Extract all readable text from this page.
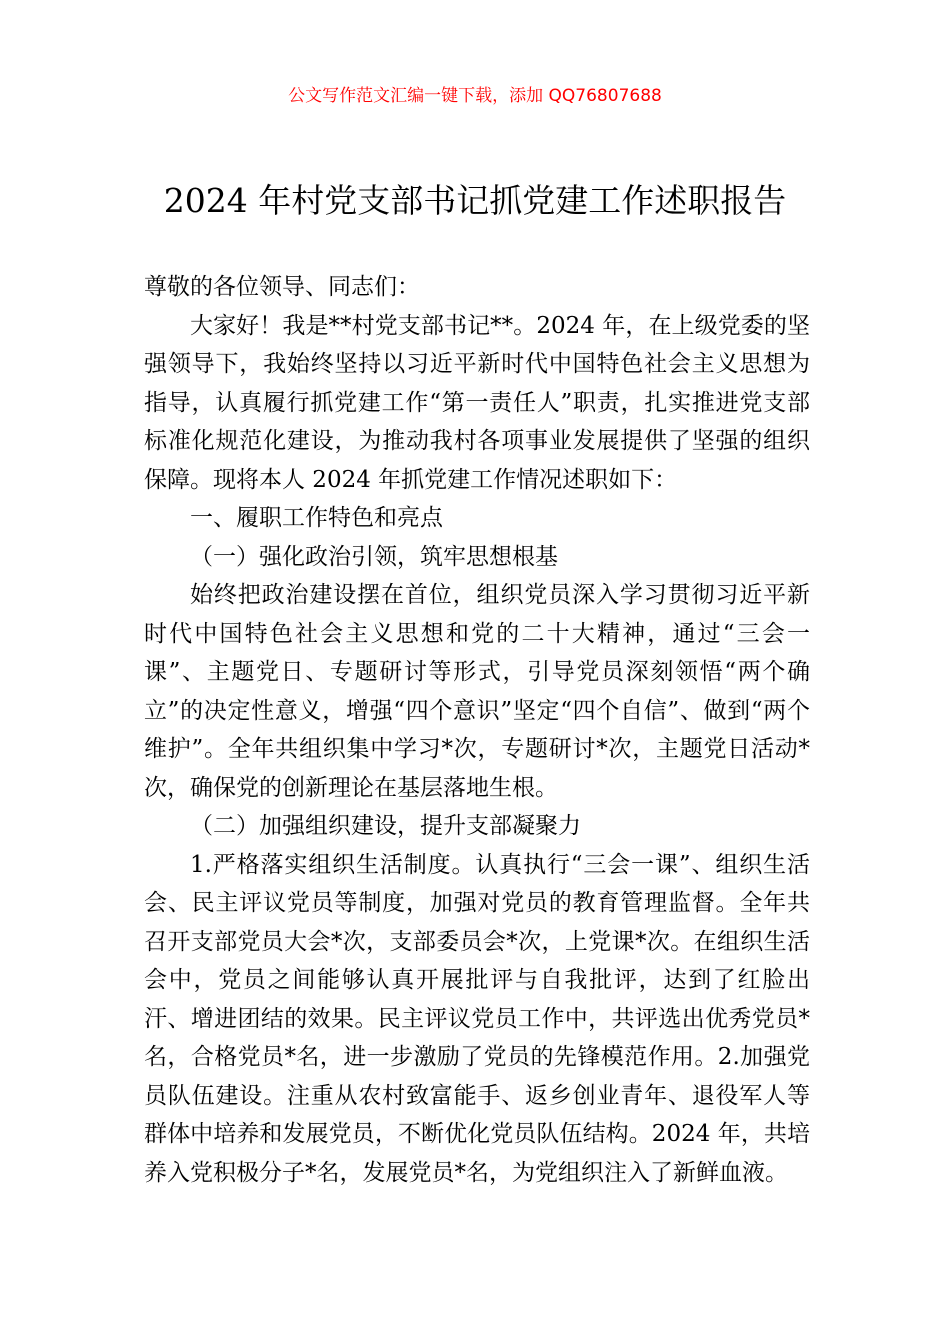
公文写作范文汇编一键下载，添加 QQ76807688
2024 年村党支部书记抓党建工作述职报告

尊敬的各位领导、同志们：

大家好！我是**村党支部书记**。2024 年，在上级党委的坚强领导下，我始终坚持以习近平新时代中国特色社会主义思想为指导，认真履行抓党建工作“第一责任人”职责，扎实推进党支部标准化规范化建设，为推动我村各项事业发展提供了坚强的组织保障。现将本人 2024 年抓党建工作情况述职如下：

一、履职工作特色和亮点

（一）强化政治引领，筑牢思想根基

始终把政治建设摆在首位，组织党员深入学习贯彻习近平新时代中国特色社会主义思想和党的二十大精神，通过“三会一课”、主题党日、专题研讨等形式，引导党员深刻领悟“两个确立”的决定性意义，增强“四个意识”坚定“四个自信”、做到“两个维护”。全年共组织集中学习*次，专题研讨*次，主题党日活动*次，确保党的创新理论在基层落地生根。

（二）加强组织建设，提升支部凝聚力

1.严格落实组织生活制度。认真执行“三会一课”、组织生活会、民主评议党员等制度，加强对党员的教育管理监督。全年共召开支部党员大会*次，支部委员会*次，上党课*次。在组织生活会中，党员之间能够认真开展批评与自我批评，达到了红脸出汗、增进团结的效果。民主评议党员工作中，共评选出优秀党员*名，合格党员*名，进一步激励了党员的先锋模范作用。2.加强党员队伍建设。注重从农村致富能手、返乡创业青年、退役军人等群体中培养和发展党员，不断优化党员队伍结构。2024 年，共培养入党积极分子*名，发展党员*名，为党组织注入了新鲜血液。
